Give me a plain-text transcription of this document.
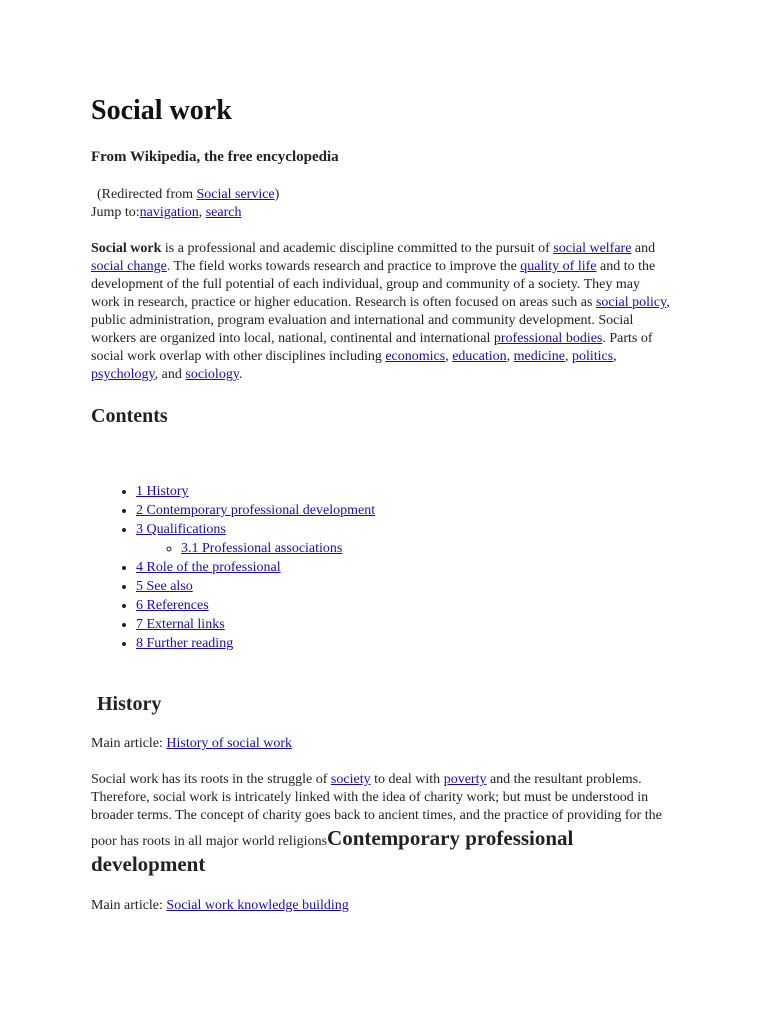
Social work

From Wikipedia, the free encyclopedia

(Redirected from Social service)

Jump to:navigation, search

Social work is a professional and academic discipline committed to the pursuit of social welfare and social change. The field works towards research and practice to improve the quality of life and to the development of the full potential of each individual, group and community of a society. They may work in research, practice or higher education. Research is often focused on areas such as social policy, public administration, program evaluation and international and community development. Social workers are organized into local, national, continental and international professional bodies. Parts of social work overlap with other disciplines including economics, education, medicine, politics, psychology, and sociology.

Contents
• 1 History
• 2 Contemporary professional development
• 3 Qualifications
◦ 3.1 Professional associations
• 4 Role of the professional
• 5 See also
• 6 References
• 7 External links
• 8 Further reading
History

Main article: History of social work

Social work has its roots in the struggle of society to deal with poverty and the resultant problems. Therefore, social work is intricately linked with the idea of charity work; but must be understood in broader terms. The concept of charity goes back to ancient times, and the practice of providing for the poor has roots in all major world religionsContemporary professional development

Main article: Social work knowledge building
